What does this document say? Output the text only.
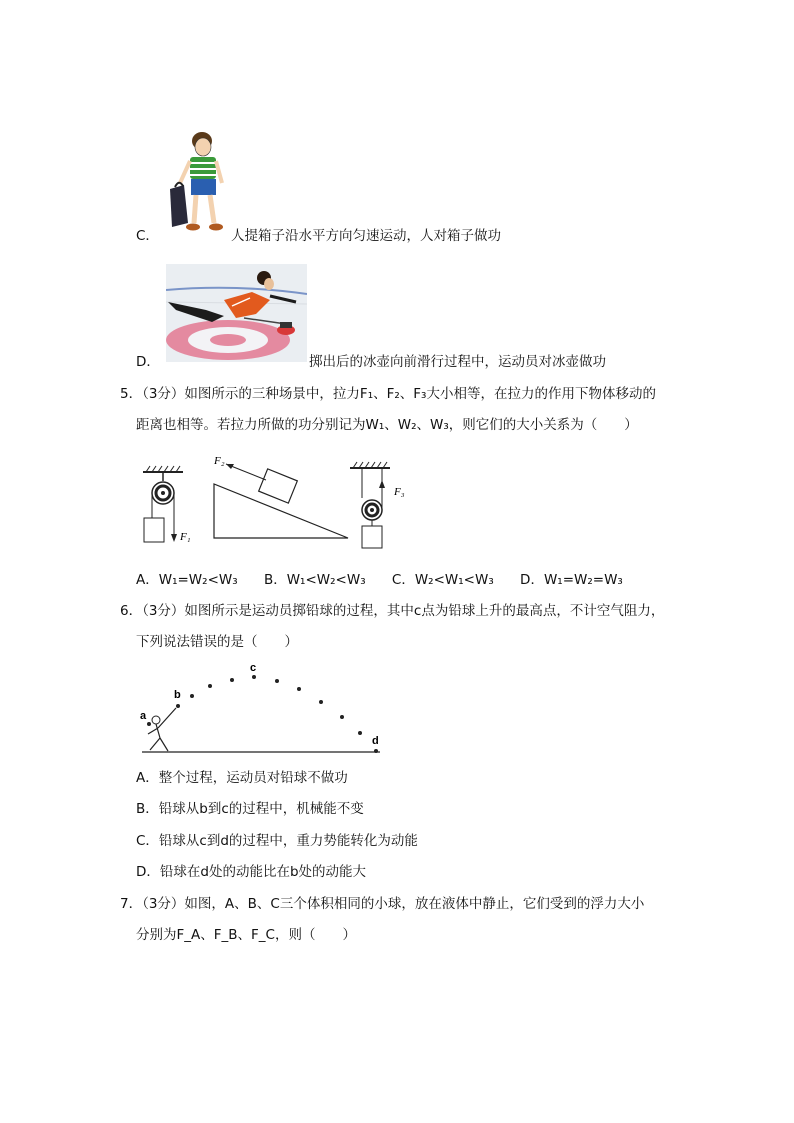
C．	人提箱子沿水平方向匀速运动，人对箱子做功
D．	掷出后的冰壶向前滑行过程中，运动员对冰壶做功
5．（3分）如图所示的三种场景中，拉力F₁、F₂、F₃大小相等，在拉力的作用下物体移动的
距离也相等。若拉力所做的功分别记为W₁、W₂、W₃，则它们的大小关系为（　　）
F₁
F₂
F₃
A．W₁=W₂<W₃ B．W₁<W₂<W₃ C．W₂<W₁<W₃ D．W₁=W₂=W₃
6．（3分）如图所示是运动员掷铅球的过程，其中c点为铅球上升的最高点，不计空气阻力，
下列说法错误的是（　　）
a
b
c
d
A．整个过程，运动员对铅球不做功
B．铅球从b到c的过程中，机械能不变
C．铅球从c到d的过程中，重力势能转化为动能
D．铅球在d处的动能比在b处的动能大
7．（3分）如图，A、B、C三个体积相同的小球，放在液体中静止，它们受到的浮力大小
分别为F_A、F_B、F_C，则（　　）
